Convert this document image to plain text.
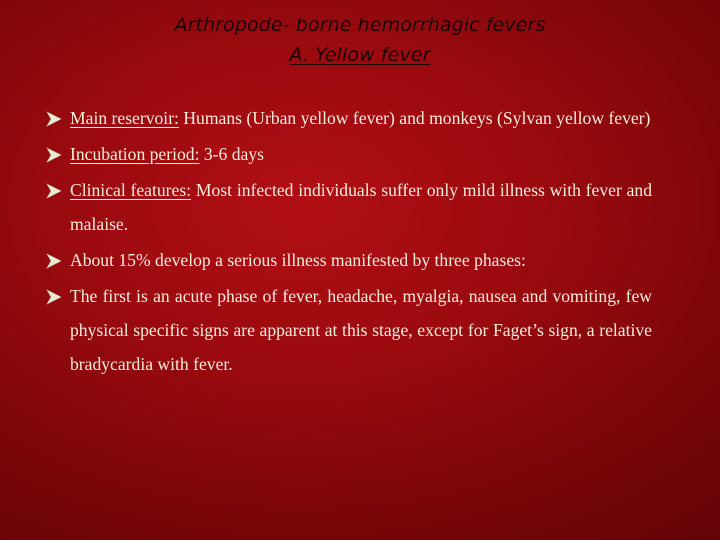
Arthropode- borne hemorrhagic fevers

A. Yellow fever

Main reservoir: Humans (Urban yellow fever) and monkeys (Sylvan yellow fever)
Incubation period: 3-6 days
Clinical features: Most infected individuals suffer only mild illness with fever and malaise.
About 15% develop a serious illness manifested by three phases:
The first is an acute phase of fever, headache, myalgia, nausea and vomiting, few physical specific signs are apparent at this stage, except for Faget’s sign, a relative bradycardia with fever.
